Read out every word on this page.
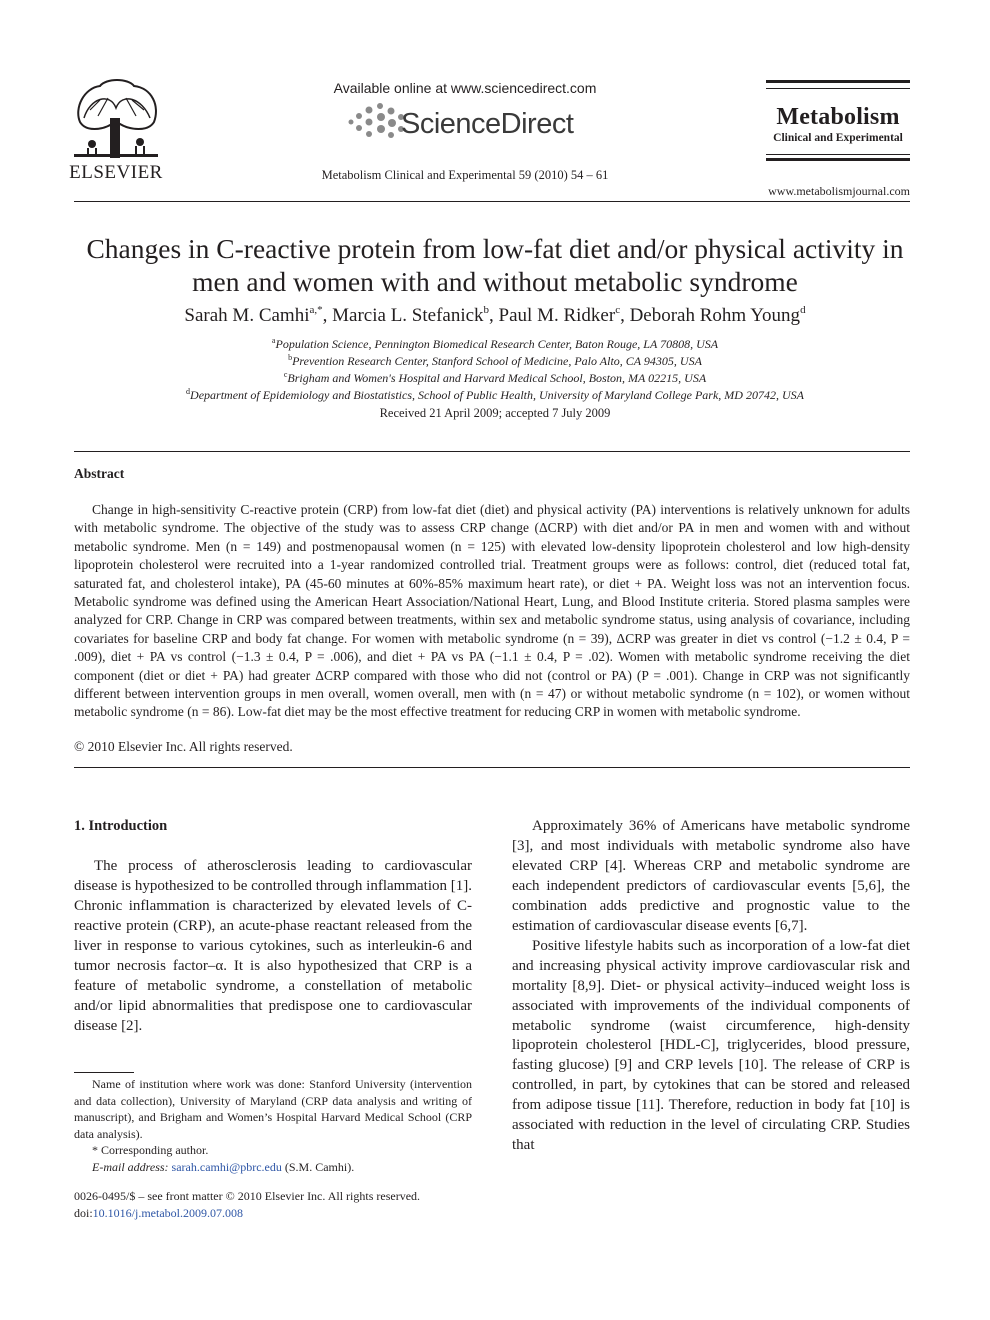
ELSEVIER
Available online at www.sciencedirect.com
ScienceDirect
Metabolism Clinical and Experimental 59 (2010) 54 – 61
Metabolism
Clinical and Experimental
www.metabolismjournal.com
Changes in C-reactive protein from low-fat diet and/or physical activity in
men and women with and without metabolic syndrome
Sarah M. Camhi$^{a,*}$, Marcia L. Stefanick$^b$, Paul M. Ridker$^c$, Deborah Rohm Young$^d$
$^a$Population Science, Pennington Biomedical Research Center, Baton Rouge, LA 70808, USA
$^b$Prevention Research Center, Stanford School of Medicine, Palo Alto, CA 94305, USA
$^c$Brigham and Women's Hospital and Harvard Medical School, Boston, MA 02215, USA
$^d$Department of Epidemiology and Biostatistics, School of Public Health, University of Maryland College Park, MD 20742, USA
Received 21 April 2009; accepted 7 July 2009
Abstract
Change in high-sensitivity C-reactive protein (CRP) from low-fat diet (diet) and physical activity (PA) interventions is relatively unknown for adults with metabolic syndrome. The objective of the study was to assess CRP change (ΔCRP) with diet and/or PA in men and women with and without metabolic syndrome. Men (n = 149) and postmenopausal women (n = 125) with elevated low-density lipoprotein cholesterol and low high-density lipoprotein cholesterol were recruited into a 1-year randomized controlled trial. Treatment groups were as follows: control, diet (reduced total fat, saturated fat, and cholesterol intake), PA (45-60 minutes at 60%-85% maximum heart rate), or diet + PA. Weight loss was not an intervention focus. Metabolic syndrome was defined using the American Heart Association/National Heart, Lung, and Blood Institute criteria. Stored plasma samples were analyzed for CRP. Change in CRP was compared between treatments, within sex and metabolic syndrome status, using analysis of covariance, including covariates for baseline CRP and body fat change. For women with metabolic syndrome (n = 39), ΔCRP was greater in diet vs control (−1.2 ± 0.4, P = .009), diet + PA vs control (−1.3 ± 0.4, P = .006), and diet + PA vs PA (−1.1 ± 0.4, P = .02). Women with metabolic syndrome receiving the diet component (diet or diet + PA) had greater ΔCRP compared with those who did not (control or PA) (P = .001). Change in CRP was not significantly different between intervention groups in men overall, women overall, men with (n = 47) or without metabolic syndrome (n = 102), or women without metabolic syndrome (n = 86). Low-fat diet may be the most effective treatment for reducing CRP in women with metabolic syndrome.
© 2010 Elsevier Inc. All rights reserved.
1. Introduction

The process of atherosclerosis leading to cardiovascular disease is hypothesized to be controlled through inflammation [1]. Chronic inflammation is characterized by elevated levels of C-reactive protein (CRP), an acute-phase reactant released from the liver in response to various cytokines, such as interleukin-6 and tumor necrosis factor–α. It is also hypothesized that CRP is a feature of metabolic syndrome, a constellation of metabolic and/or lipid abnormalities that predispose one to cardiovascular disease [2].

Approximately 36% of Americans have metabolic syndrome [3], and most individuals with metabolic syndrome also have elevated CRP [4]. Whereas CRP and metabolic syndrome are each independent predictors of cardiovascular events [5,6], the combination adds predictive and prognostic value to the estimation of cardiovascular disease events [6,7].

Positive lifestyle habits such as incorporation of a low-fat diet and increasing physical activity improve cardiovascular risk and mortality [8,9]. Diet- or physical activity–induced weight loss is associated with improvements of the individual components of metabolic syndrome (waist circumference, high-density lipoprotein cholesterol [HDL-C], triglycerides, blood pressure, fasting glucose) [9] and CRP levels [10]. The release of CRP is controlled, in part, by cytokines that can be stored and released from adipose tissue [11]. Therefore, reduction in body fat [10] is associated with reduction in the level of circulating CRP. Studies that

Name of institution where work was done: Stanford University (intervention and data collection), University of Maryland (CRP data analysis and writing of manuscript), and Brigham and Women’s Hospital Harvard Medical School (CRP data analysis).

* Corresponding author.

E-mail address: sarah.camhi@pbrc.edu (S.M. Camhi).

0026-0495/$ – see front matter © 2010 Elsevier Inc. All rights reserved.
doi:10.1016/j.metabol.2009.07.008
